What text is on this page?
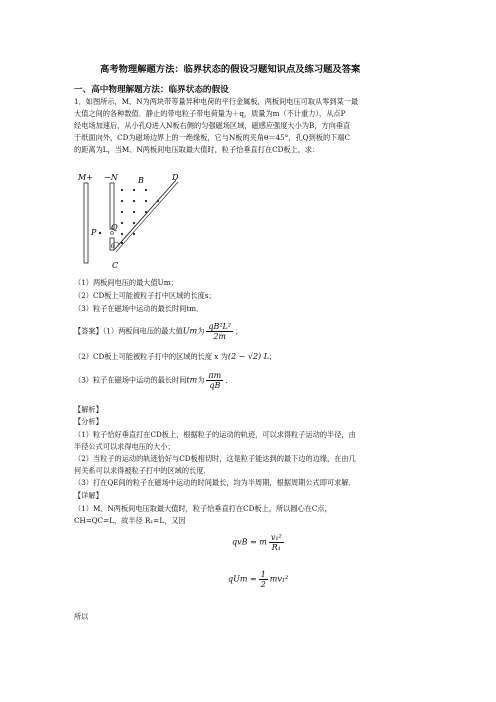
高考物理解题方法：临界状态的假设习题知识点及练习题及答案
一、高中物理解题方法：临界状态的假设
1．如图所示，M、N为两块带等量异种电荷的平行金属板，两板间电压可取从零到某一最
大值之间的各种数值．静止的带电粒子带电荷量为＋q，质量为m（不计重力），从点P
经电场加速后，从小孔Q进入N板右侧的匀强磁场区域，磁感应强度大小为B，方向垂直
于纸面向外，CD为磁场边界上的一绝缘板，它与N板的夹角θ＝45°，孔Q到板的下端C
的距离为L，当M、N两板间电压取最大值时，粒子恰垂直打在CD板上，求：
M+ −N	B	D
P
Q
θ
C
（1）两板间电压的最大值Um；
（2）CD板上可能被粒子打中区域的长度s；
（3）粒子在磁场中运动的最长时间tm．
【答案】（1）两板间电压的最大值Um为 $\frac{\text{qB²L²}}{2m}$ ；
（2）CD板上可能被粒子打中的区域的长度 x 为(2 − √2) L；
（3）粒子在磁场中运动的最长时间tm为 $\frac{\pi m}{qB}$ ．
【解析】
【分析】
（1）粒子恰好垂直打在CD板上，根据粒子的运动的轨迹，可以求得粒子运动的半径，由
半径公式可以求得电压的大小；
（2）当粒子的运动的轨迹恰好与CD板相切时，这是粒子能达到的最下边的边缘，在由几
何关系可以求得被粒子打中的区域的长度．
（3）打在QE间的粒子在磁场中运动的时间最长，均为半周期，根据周期公式即可求解．
【详解】
（1）M、N两板间电压取最大值时，粒子恰垂直打在CD板上，所以圆心在C点，
CH=QC=L，故半径 R₁=L，又因
qvB = m $\frac{\text{v₁²}}{\text{R₁}}$
qUm = $\frac{1}{2} mv_1^2$
所以
